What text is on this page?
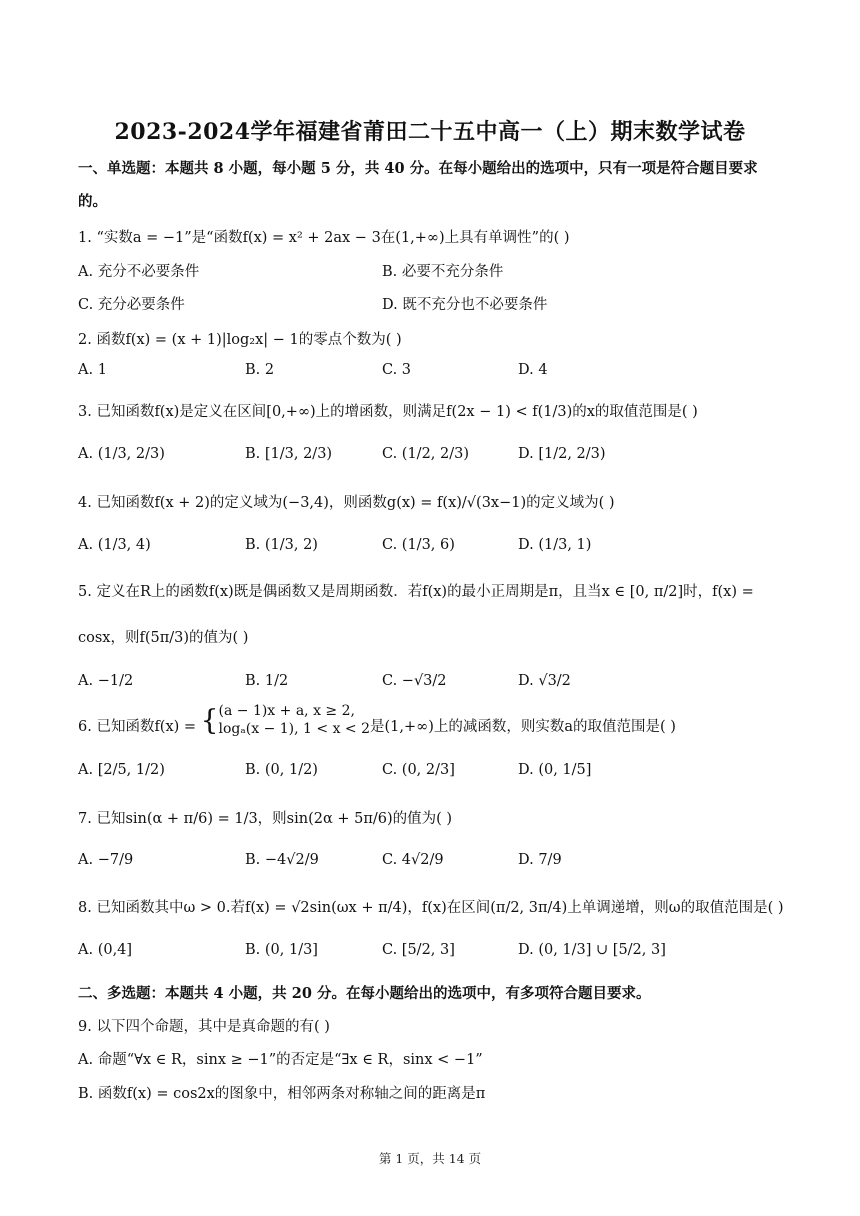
2023-2024学年福建省莆田二十五中高一（上）期末数学试卷
一、单选题：本题共 8 小题，每小题 5 分，共 40 分。在每小题给出的选项中，只有一项是符合题目要求
的。
1. “实数a = −1”是“函数f(x) = x² + 2ax − 3在(1,+∞)上具有单调性”的( )
A. 充分不必要条件	B. 必要不充分条件
C. 充分必要条件	D. 既不充分也不必要条件
2. 函数f(x) = (x + 1)|log₂x| − 1的零点个数为( )
A. 1	B. 2	C. 3	D. 4
3. 已知函数f(x)是定义在区间[0,+∞)上的增函数，则满足f(2x − 1) < f(1/3)的x的取值范围是( )
A. (1/3, 2/3)	B. [1/3, 2/3)	C. (1/2, 2/3)	D. [1/2, 2/3)
4. 已知函数f(x + 2)的定义域为(−3,4)，则函数g(x) = f(x)/√(3x−1)的定义域为( )
A. (1/3, 4)	B. (1/3, 2)	C. (1/3, 6)	D. (1/3, 1)
5. 定义在R上的函数f(x)既是偶函数又是周期函数．若f(x)的最小正周期是π，且当x ∈ [0, π/2]时，f(x) =
cosx，则f(5π/3)的值为( )
A. −1/2	B. 1/2	C. −√3/2	D. √3/2
6. 已知函数f(x) = { (a − 1)x + a, x ≥ 2,
logₐ(x − 1), 1 < x < 2 是(1,+∞)上的减函数，则实数a的取值范围是( )
A. [2/5, 1/2)	B. (0, 1/2)	C. (0, 2/3]	D. (0, 1/5]
7. 已知sin(α + π/6) = 1/3，则sin(2α + 5π/6)的值为( )
A. −7/9	B. −4√2/9	C. 4√2/9	D. 7/9
8. 已知函数其中ω > 0.若f(x) = √2sin(ωx + π/4)，f(x)在区间(π/2, 3π/4)上单调递增，则ω的取值范围是( )
A. (0,4]	B. (0, 1/3]	C. [5/2, 3]	D. (0, 1/3] ∪ [5/2, 3]
二、多选题：本题共 4 小题，共 20 分。在每小题给出的选项中，有多项符合题目要求。
9. 以下四个命题，其中是真命题的有( )
A. 命题“∀x ∈ R，sinx ≥ −1”的否定是“∃x ∈ R，sinx < −1”
B. 函数f(x) = cos2x的图象中，相邻两条对称轴之间的距离是π
第 1 页，共 14 页
